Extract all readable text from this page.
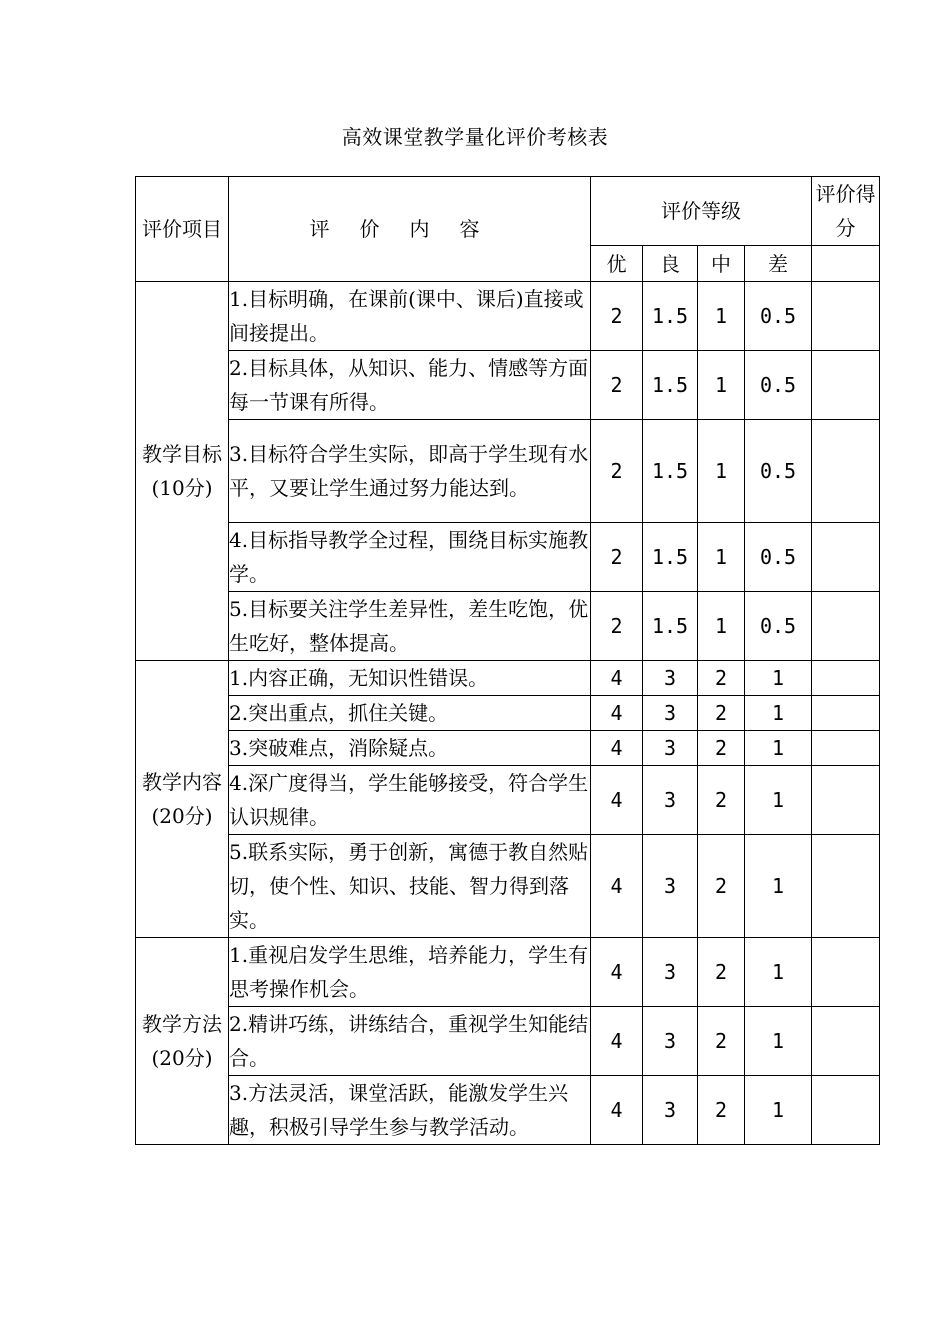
高效课堂教学量化评价考核表
评价项目	评价内容	评价等级				评价得分
		优	良	中	差	
教学目标(10分)	1.目标明确，在课前(课中、课后)直接或间接提出。	2	1.5	1	0.5	
	2.目标具体，从知识、能力、情感等方面每一节课有所得。	2	1.5	1	0.5	
	3.目标符合学生实际，即高于学生现有水平，又要让学生通过努力能达到。	2	1.5	1	0.5	
	4.目标指导教学全过程，围绕目标实施教学。	2	1.5	1	0.5	
	5.目标要关注学生差异性，差生吃饱，优生吃好，整体提高。	2	1.5	1	0.5	
教学内容(20分)	1.内容正确，无知识性错误。	4	3	2	1	
	2.突出重点，抓住关键。	4	3	2	1	
	3.突破难点，消除疑点。	4	3	2	1	
	4.深广度得当，学生能够接受，符合学生认识规律。	4	3	2	1	
	5.联系实际，勇于创新，寓德于教自然贴切，使个性、知识、技能、智力得到落实。	4	3	2	1	
教学方法(20分)	1.重视启发学生思维，培养能力，学生有思考操作机会。	4	3	2	1	
	2.精讲巧练，讲练结合，重视学生知能结合。	4	3	2	1	
	3.方法灵活，课堂活跃，能激发学生兴趣，积极引导学生参与教学活动。	4	3	2	1	
